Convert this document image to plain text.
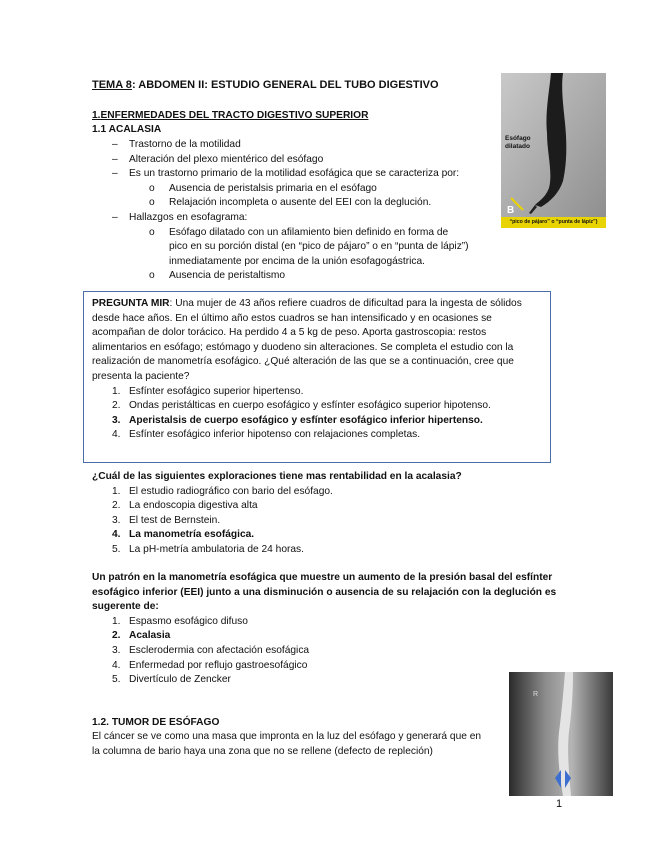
TEMA 8: ABDOMEN II: ESTUDIO GENERAL DEL TUBO DIGESTIVO
1.ENFERMEDADES DEL TRACTO DIGESTIVO SUPERIOR
1.1 ACALASIA
– Trastorno de la motilidad
– Alteración del plexo mientérico del esófago
– Es un trastorno primario de la motilidad esofágica que se caracteriza por:
o Ausencia de peristalsis primaria en el esófago
o Relajación incompleta o ausente del EEI con la deglución.
– Hallazgos en esofagrama:
o Esófago dilatado con un afilamiento bien definido en forma de
pico en su porción distal (en “pico de pájaro” o en “punta de lápiz”)
inmediatamente por encima de la unión esofagogástrica.
o Ausencia de peristaltismo
Esófago dilatado
B
“pico de pájaro” o “punta de lápiz”)
PREGUNTA MIR: Una mujer de 43 años refiere cuadros de dificultad para la ingesta de sólidos
desde hace años. En el último año estos cuadros se han intensificado y en ocasiones se
acompañan de dolor torácico. Ha perdido 4 a 5 kg de peso. Aporta gastroscopia: restos
alimentarios en esófago; estómago y duodeno sin alteraciones. Se completa el estudio con la
realización de manometría esofágico. ¿Qué alteración de las que se a continuación, cree que
presenta la paciente?
1. Esfínter esofágico superior hipertenso.
2. Ondas peristálticas en cuerpo esofágico y esfínter esofágico superior hipotenso.
3. Aperistalsis de cuerpo esofágico y esfínter esofágico inferior hipertenso.
4. Esfínter esofágico inferior hipotenso con relajaciones completas.
¿Cuál de las siguientes exploraciones tiene mas rentabilidad en la acalasia?
1. El estudio radiográfico con bario del esófago.
2. La endoscopia digestiva alta
3. El test de Bernstein.
4. La manometría esofágica.
5. La pH-metría ambulatoria de 24 horas.
Un patrón en la manometría esofágica que muestre un aumento de la presión basal del esfínter
esofágico inferior (EEI) junto a una disminución o ausencia de su relajación con la deglución es
sugerente de:
1. Espasmo esofágico difuso
2. Acalasia
3. Esclerodermia con afectación esofágica
4. Enfermedad por reflujo gastroesofágico
5. Divertículo de Zencker
1.2. TUMOR DE ESÓFAGO
El cáncer se ve como una masa que impronta en la luz del esófago y generará que en
la columna de bario haya una zona que no se rellene (defecto de repleción)
R
1
